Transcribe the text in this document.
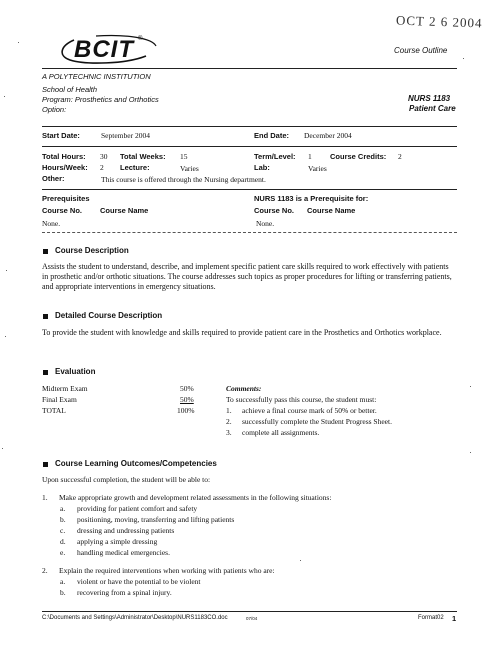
OCT 2 6 2004
BCIT ®
Course Outline
A POLYTECHNIC INSTITUTION
School of Health
Program: Prosthetics and Orthotics
Option:
NURS 1183
Patient Care
Start Date:	September 2004	End Date: December 2004
Total Hours: 30 Total Weeks: 15	Term/Level: 1 Course Credits: 2
Hours/Week: 2 Lecture:	Varies	Lab:	Varies
Other:	This course is offered through the Nursing department.
Prerequisites
Course No. Course Name
None.
NURS 1183 is a Prerequisite for:
Course No. Course Name
None.
Course Description
Assists the student to understand, describe, and implement specific patient care skills required to work effectively with patients in prosthetic and/or orthotic situations. The course addresses such topics as proper procedures for lifting or transferring patients, and appropriate interventions in emergency situations.
Detailed Course Description
To provide the student with knowledge and skills required to provide patient care in the Prosthetics and Orthotics workplace.
Evaluation
Midterm Exam	50%
Final Exam	50%
TOTAL	100%
Comments:
To successfully pass this course, the student must:
1. achieve a final course mark of 50% or better.
2. successfully complete the Student Progress Sheet.
3. complete all assignments.
Course Learning Outcomes/Competencies
Upon successful completion, the student will be able to:
1. Make appropriate growth and development related assessments in the following situations:
a. providing for patient comfort and safety
b. positioning, moving, transferring and lifting patients
c. dressing and undressing patients
d. applying a simple dressing
e. handling medical emergencies.
2. Explain the required interventions when working with patients who are:
a. violent or have the potential to be violent
b. recovering from a spinal injury.
C:\Documents and Settings\Administrator\Desktop\NURS1183CO.doc	07/04	Format02 1
